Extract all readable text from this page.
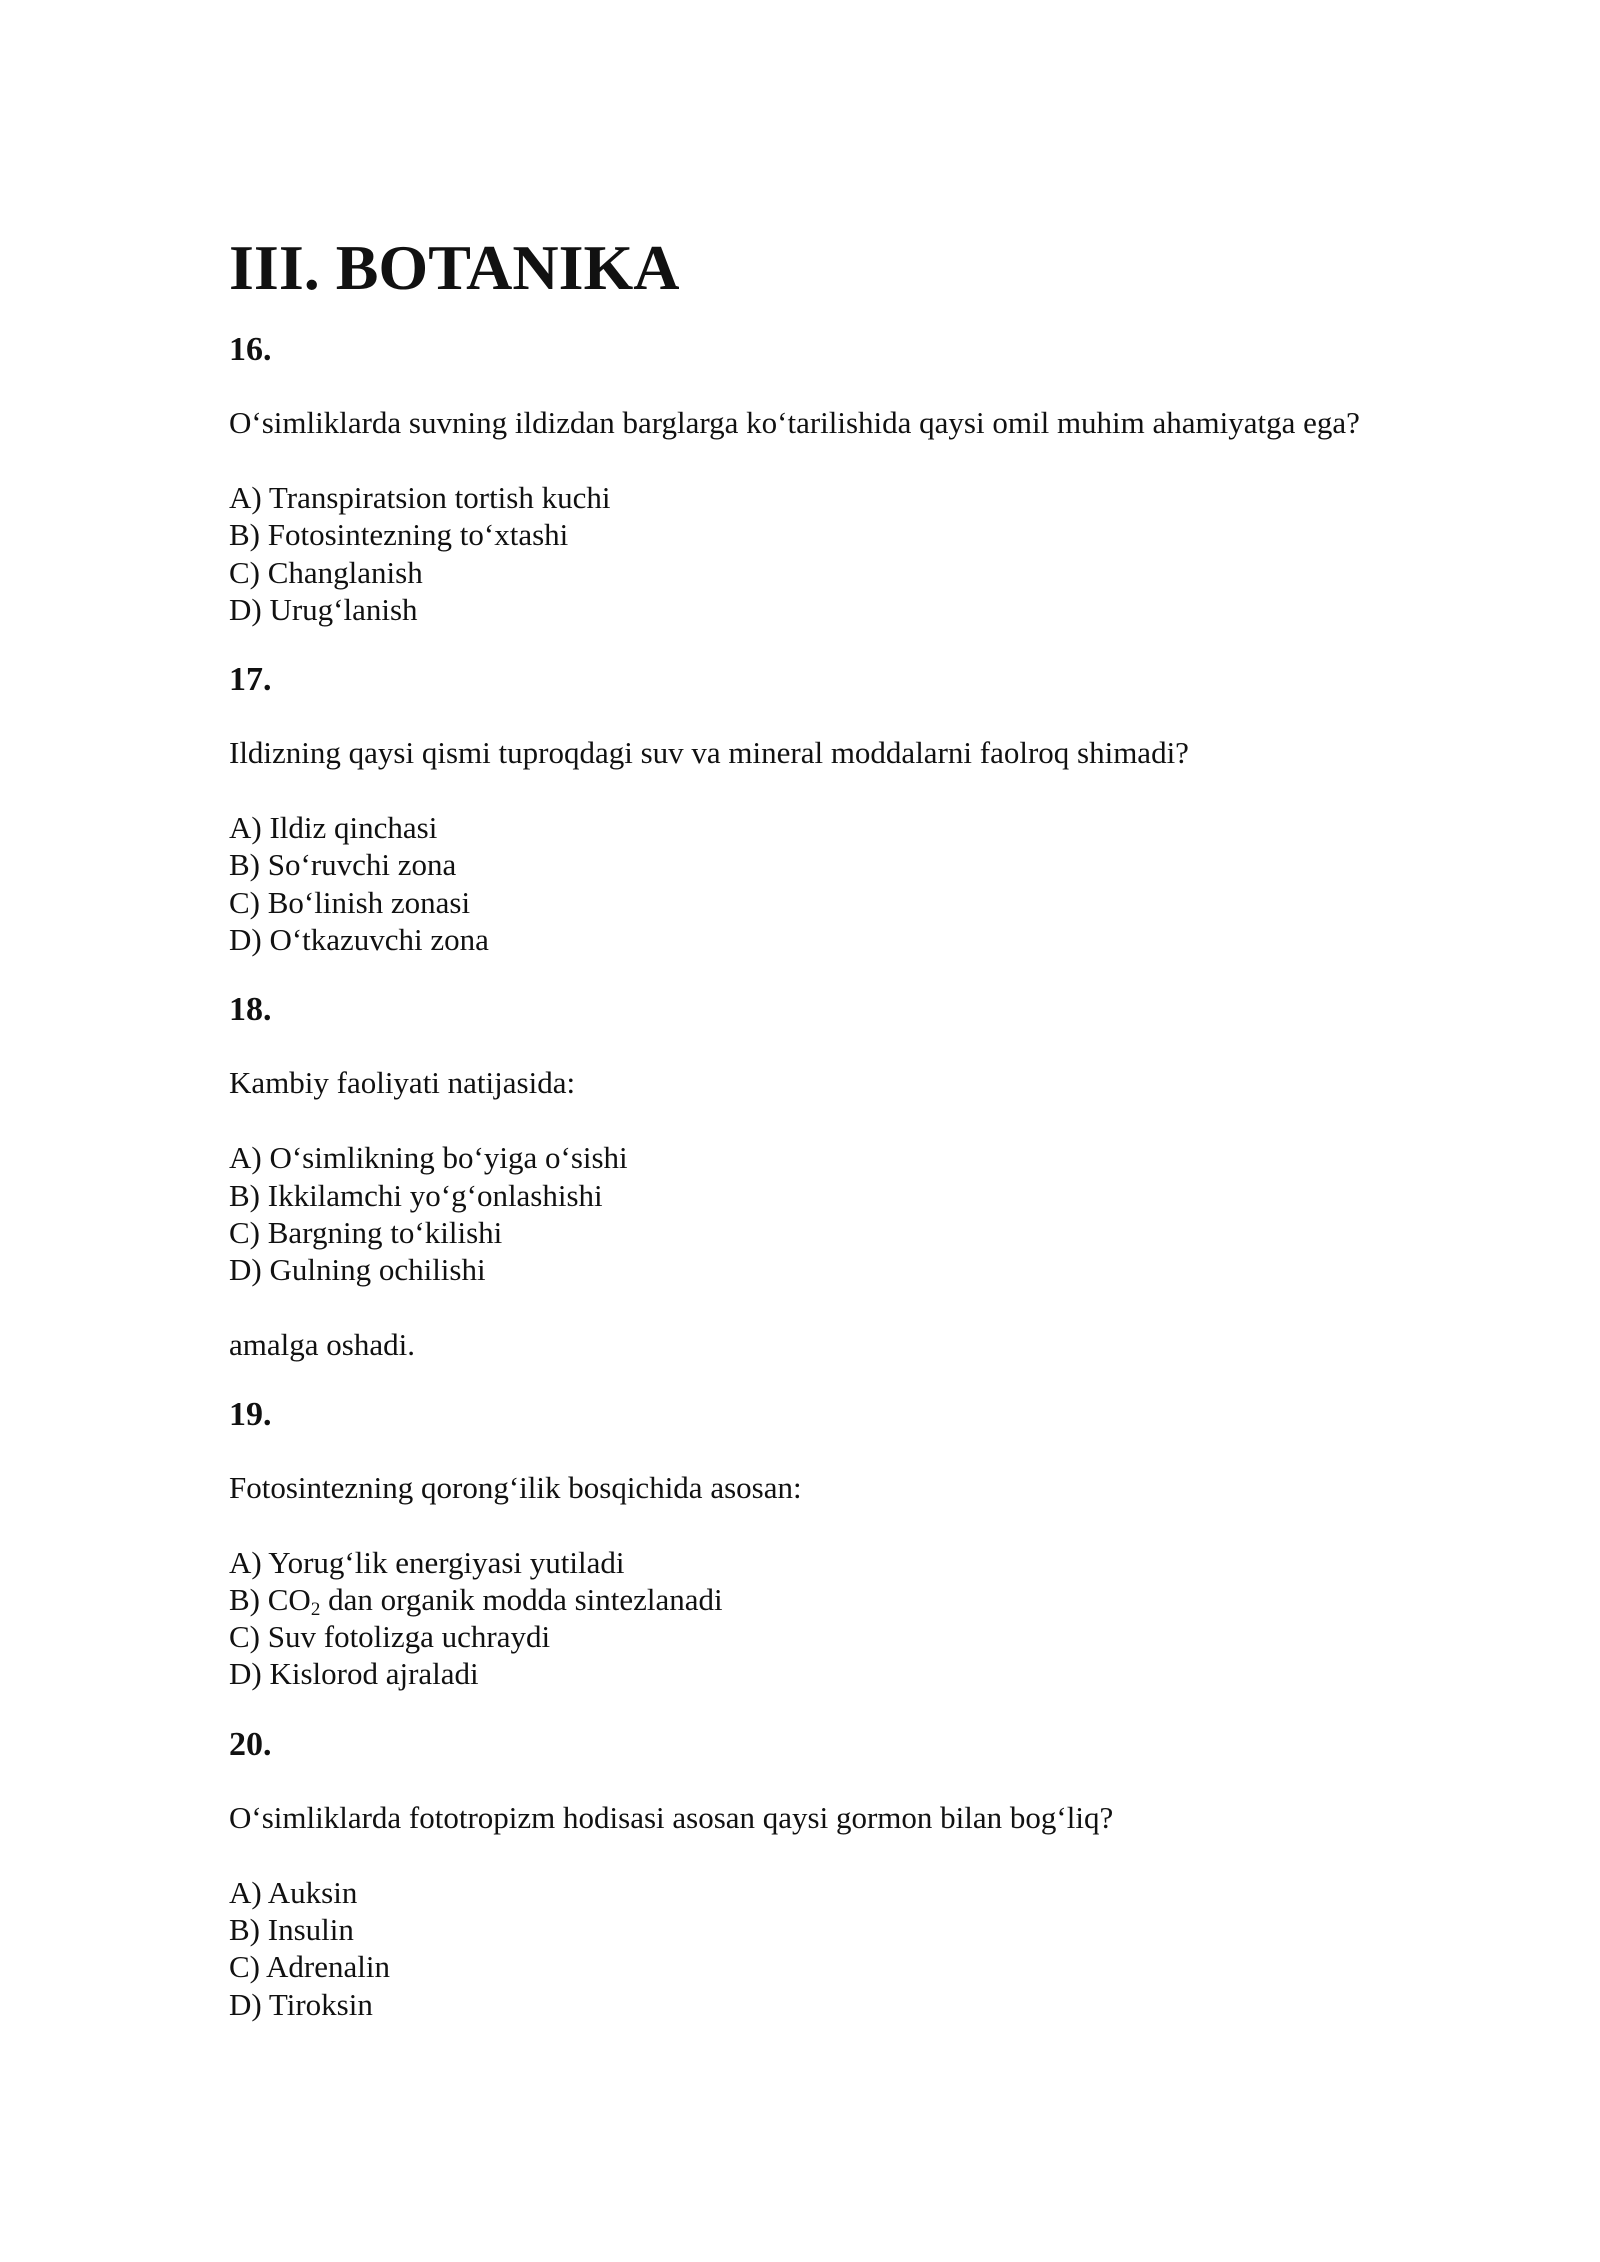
III. BOTANIKA

16.

O‘simliklarda suvning ildizdan barglarga ko‘tarilishida qaysi omil muhim ahamiyatga ega?

A) Transpiratsion tortish kuchi
B) Fotosintezning to‘xtashi
C) Changlanish
D) Urug‘lanish

17.

Ildizning qaysi qismi tuproqdagi suv va mineral moddalarni faolroq shimadi?

A) Ildiz qinchasi
B) So‘ruvchi zona
C) Bo‘linish zonasi
D) O‘tkazuvchi zona

18.

Kambiy faoliyati natijasida:

A) O‘simlikning bo‘yiga o‘sishi
B) Ikkilamchi yo‘g‘onlashishi
C) Bargning to‘kilishi
D) Gulning ochilishi

amalga oshadi.

19.

Fotosintezning qorong‘ilik bosqichida asosan:

A) Yorug‘lik energiyasi yutiladi
B) $CO_2$ dan organik modda sintezlanadi
C) Suv fotolizga uchraydi
D) Kislorod ajraladi

20.

O‘simliklarda fototropizm hodisasi asosan qaysi gormon bilan bog‘liq?

A) Auksin
B) Insulin
C) Adrenalin
D) Tiroksin
